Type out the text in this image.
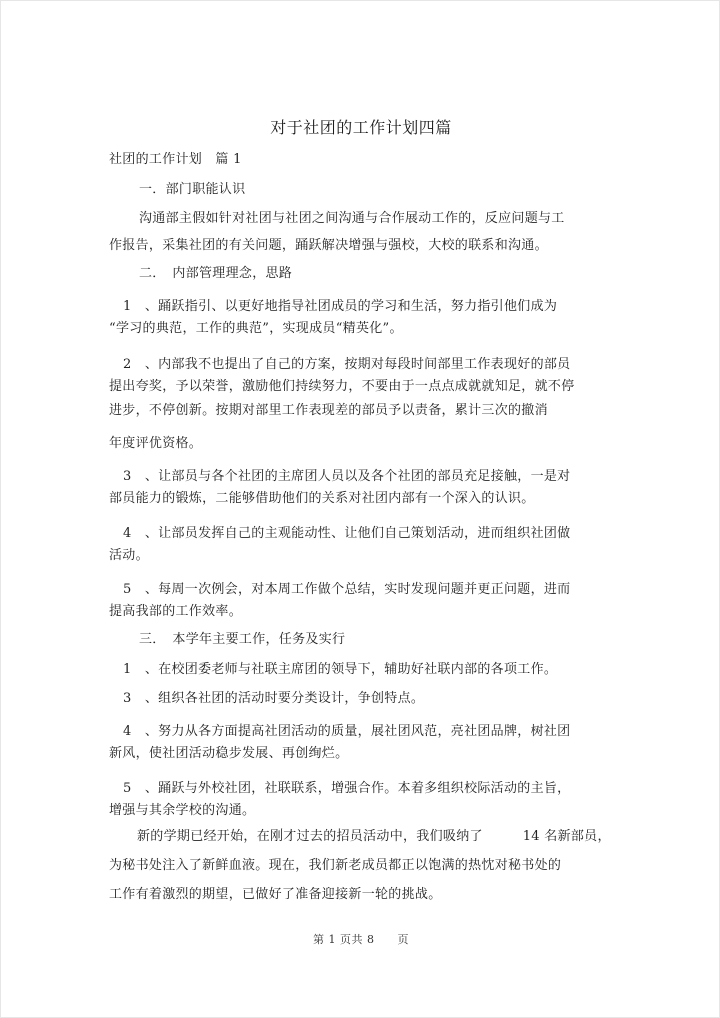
对于社团的工作计划四篇
社团的工作计划　篇 1
一．部门职能认识
沟通部主假如针对社团与社团之间沟通与合作展动工作的，反应问题与工
作报告，采集社团的有关问题，踊跃解决增强与强校，大校的联系和沟通。
二．　内部管理理念，思路
1　、踊跃指引、以更好地指导社团成员的学习和生活，努力指引他们成为
“学习的典范，工作的典范”，实现成员“精英化”。
2　、内部我不也提出了自己的方案，按期对每段时间部里工作表现好的部员
提出夸奖，予以荣誉，激励他们持续努力，不要由于一点点成就就知足，就不停
进步，不停创新。按期对部里工作表现差的部员予以责备，累计三次的撤消
年度评优资格。
3　、让部员与各个社团的主席团人员以及各个社团的部员充足接触，一是对
部员能力的锻炼，二能够借助他们的关系对社团内部有一个深入的认识。
4　、让部员发挥自己的主观能动性、让他们自己策划活动，进而组织社团做
活动。
5　、每周一次例会，对本周工作做个总结，实时发现问题并更正问题，进而
提高我部的工作效率。
三．　本学年主要工作，任务及实行
1　、在校团委老师与社联主席团的领导下，辅助好社联内部的各项工作。
3　、组织各社团的活动时要分类设计，争创特点。
4　、努力从各方面提高社团活动的质量，展社团风范，亮社团品牌，树社团
新风，使社团活动稳步发展、再创绚烂。
5　、踊跃与外校社团，社联联系，增强合作。本着多组织校际活动的主旨，
增强与其余学校的沟通。
新的学期已经开始，在刚才过去的招员活动中，我们吸纳了　　　14 名新部员，
为秘书处注入了新鲜血液。现在，我们新老成员都正以饱满的热忱对秘书处的
工作有着激烈的期望，已做好了准备迎接新一轮的挑战。
第 1 页共 8　　页
